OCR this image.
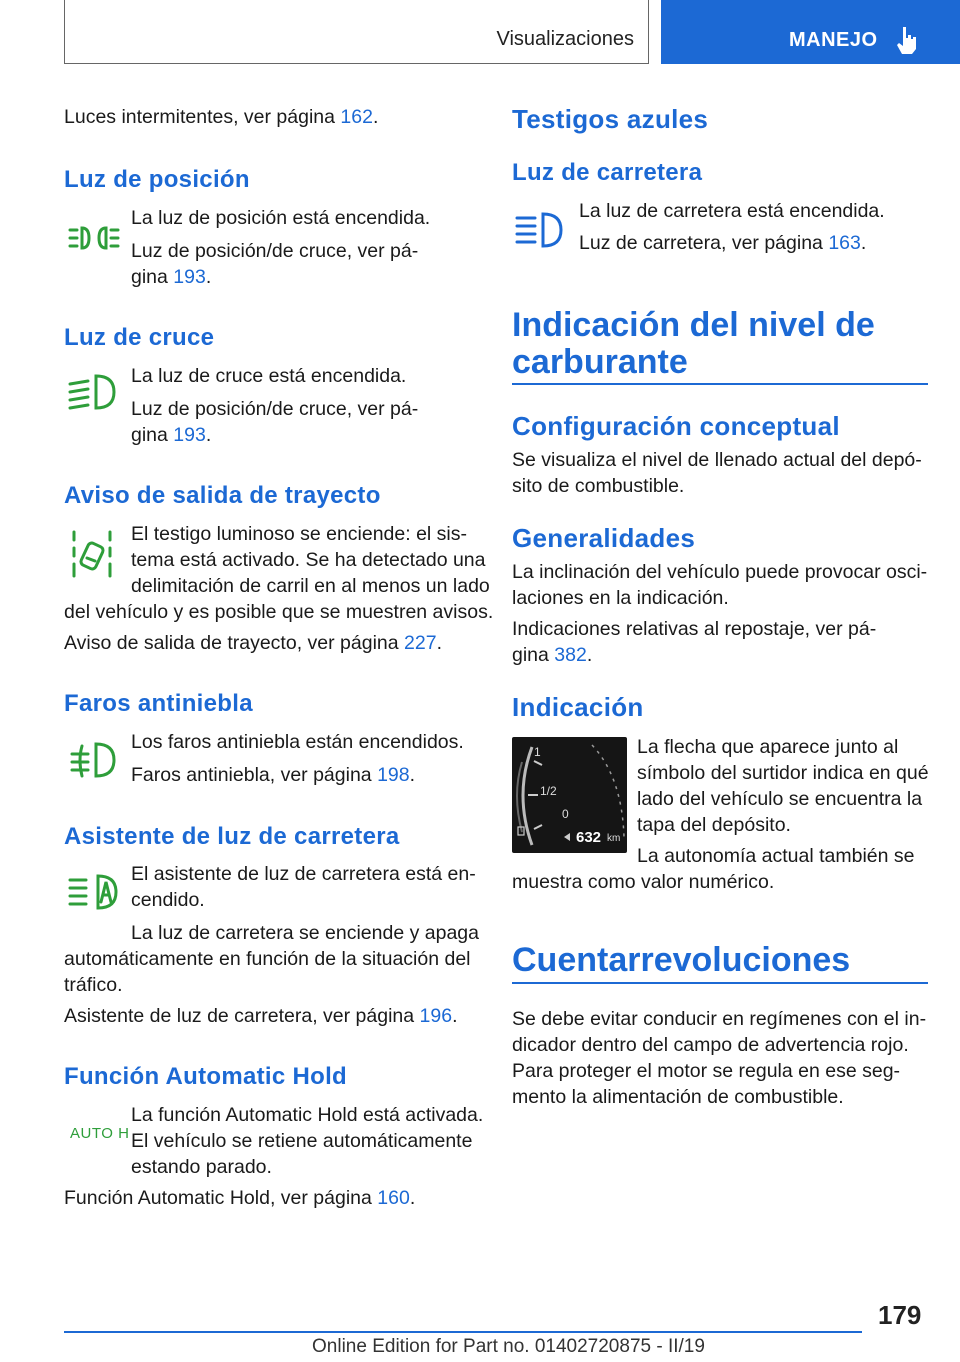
Visualizaciones	MANEJO

Luces intermitentes, ver página 162.

Luz de posición

La luz de posición está encendida.

Luz de posición/de cruce, ver pá-

gina 193.

Luz de cruce

La luz de cruce está encendida.

Luz de posición/de cruce, ver pá-

gina 193.

Aviso de salida de trayecto

El testigo luminoso se enciende: el sis-

tema está activado. Se ha detectado una

delimitación de carril en al menos un lado

del vehículo y es posible que se muestren avisos.

Aviso de salida de trayecto, ver página 227.

Faros antiniebla

Los faros antiniebla están encendidos.

Faros antiniebla, ver página 198.

Asistente de luz de carretera

El asistente de luz de carretera está en-

cendido.

La luz de carretera se enciende y apaga

automáticamente en función de la situación del

tráfico.

Asistente de luz de carretera, ver página 196.

Función Automatic Hold
AUTO H

La función Automatic Hold está activada.

El vehículo se retiene automáticamente

estando parado.

Función Automatic Hold, ver página 160.

Testigos azules
Luz de carretera

La luz de carretera está encendida.

Luz de carretera, ver página 163.

Indicación del nivel de
carburante
Configuración conceptual

Se visualiza el nivel de llenado actual del depó-

sito de combustible.

Generalidades

La inclinación del vehículo puede provocar osci-

laciones en la indicación.

Indicaciones relativas al repostaje, ver pá-

gina 382.

Indicación
1
1/2
0
632 km

La flecha que aparece junto al

símbolo del surtidor indica en qué

lado del vehículo se encuentra la

tapa del depósito.

La autonomía actual también se

muestra como valor numérico.

Cuentarrevoluciones

Se debe evitar conducir en regímenes con el in-

dicador dentro del campo de advertencia rojo.

Para proteger el motor se regula en ese seg-

mento la alimentación de combustible.

179
Online Edition for Part no. 01402720875 - II/19
